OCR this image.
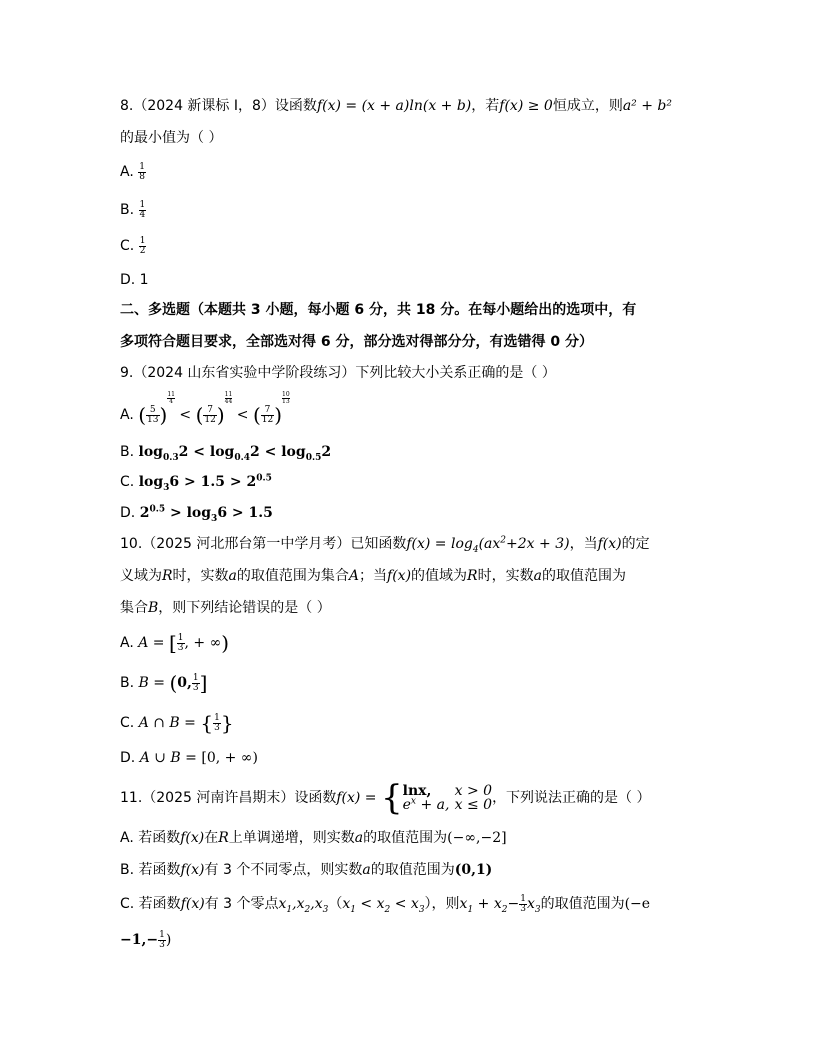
8.（2024 新课标 I，8）设函数f(x) = (x + a)ln(x + b)，若f(x) ≥ 0恒成立，则a² + b²
的最小值为（ ）
A. $\frac{1}{8}$
B. $\frac{1}{4}$
C. $\frac{1}{2}$
D. 1
二、多选题（本题共 3 小题，每小题 6 分，共 18 分。在每小题给出的选项中，有
多项符合题目要求，全部选对得 6 分，部分选对得部分分，有选错得 0 分）
9.（2024 山东省实验中学阶段练习）下列比较大小关系正确的是（ ）
A. ( $\frac{5}{13}$ )
$\frac{11}{4}$
< ( $\frac{7}{12}$ )
$\frac{11}{44}$
< ( $\frac{7}{12}$ )
$\frac{10}{13}$
B. $\log_{0.3}2 < \log_{0.4}2 < \log_{0.5}2$
C. $\log_36 > 1.5 > 2^{0.5}$
D. $2^{0.5} > \log_36 > 1.5$
10.（2025 河北邢台第一中学月考）已知函数$f(x) = \log_4(ax^2+2x + 3)$，当f(x)的定
义域为R时，实数a的取值范围为集合A；当f(x)的值域为R时，实数a的取值范围为
集合B，则下列结论错误的是（ ）
A. A = [ $\frac{1}{3}$ , + ∞)
B. B = (0, $\frac{1}{3}$ ]
C. A ∩ B = { $\frac{1}{3}$ }
D. A ∪ B = [0, + ∞)
11.（2025 河南许昌期末）设函数f(x) = { lnx, x > 0
$e^x + a$, x ≤ 0 ，下列说法正确的是（ ）
A. 若函数f(x)在R上单调递增，则实数a的取值范围为(−∞,−2]
B. 若函数f(x)有 3 个不同零点，则实数a的取值范围为(0,1)
C. 若函数f(x)有 3 个零点$x_1,x_2,x_3(x_1 < x_2 < x_3)$，则$x_1 + x_2- \frac{1}{3} x_3$的取值范围为(−e
$-1,- \frac{1}{3}$ )
